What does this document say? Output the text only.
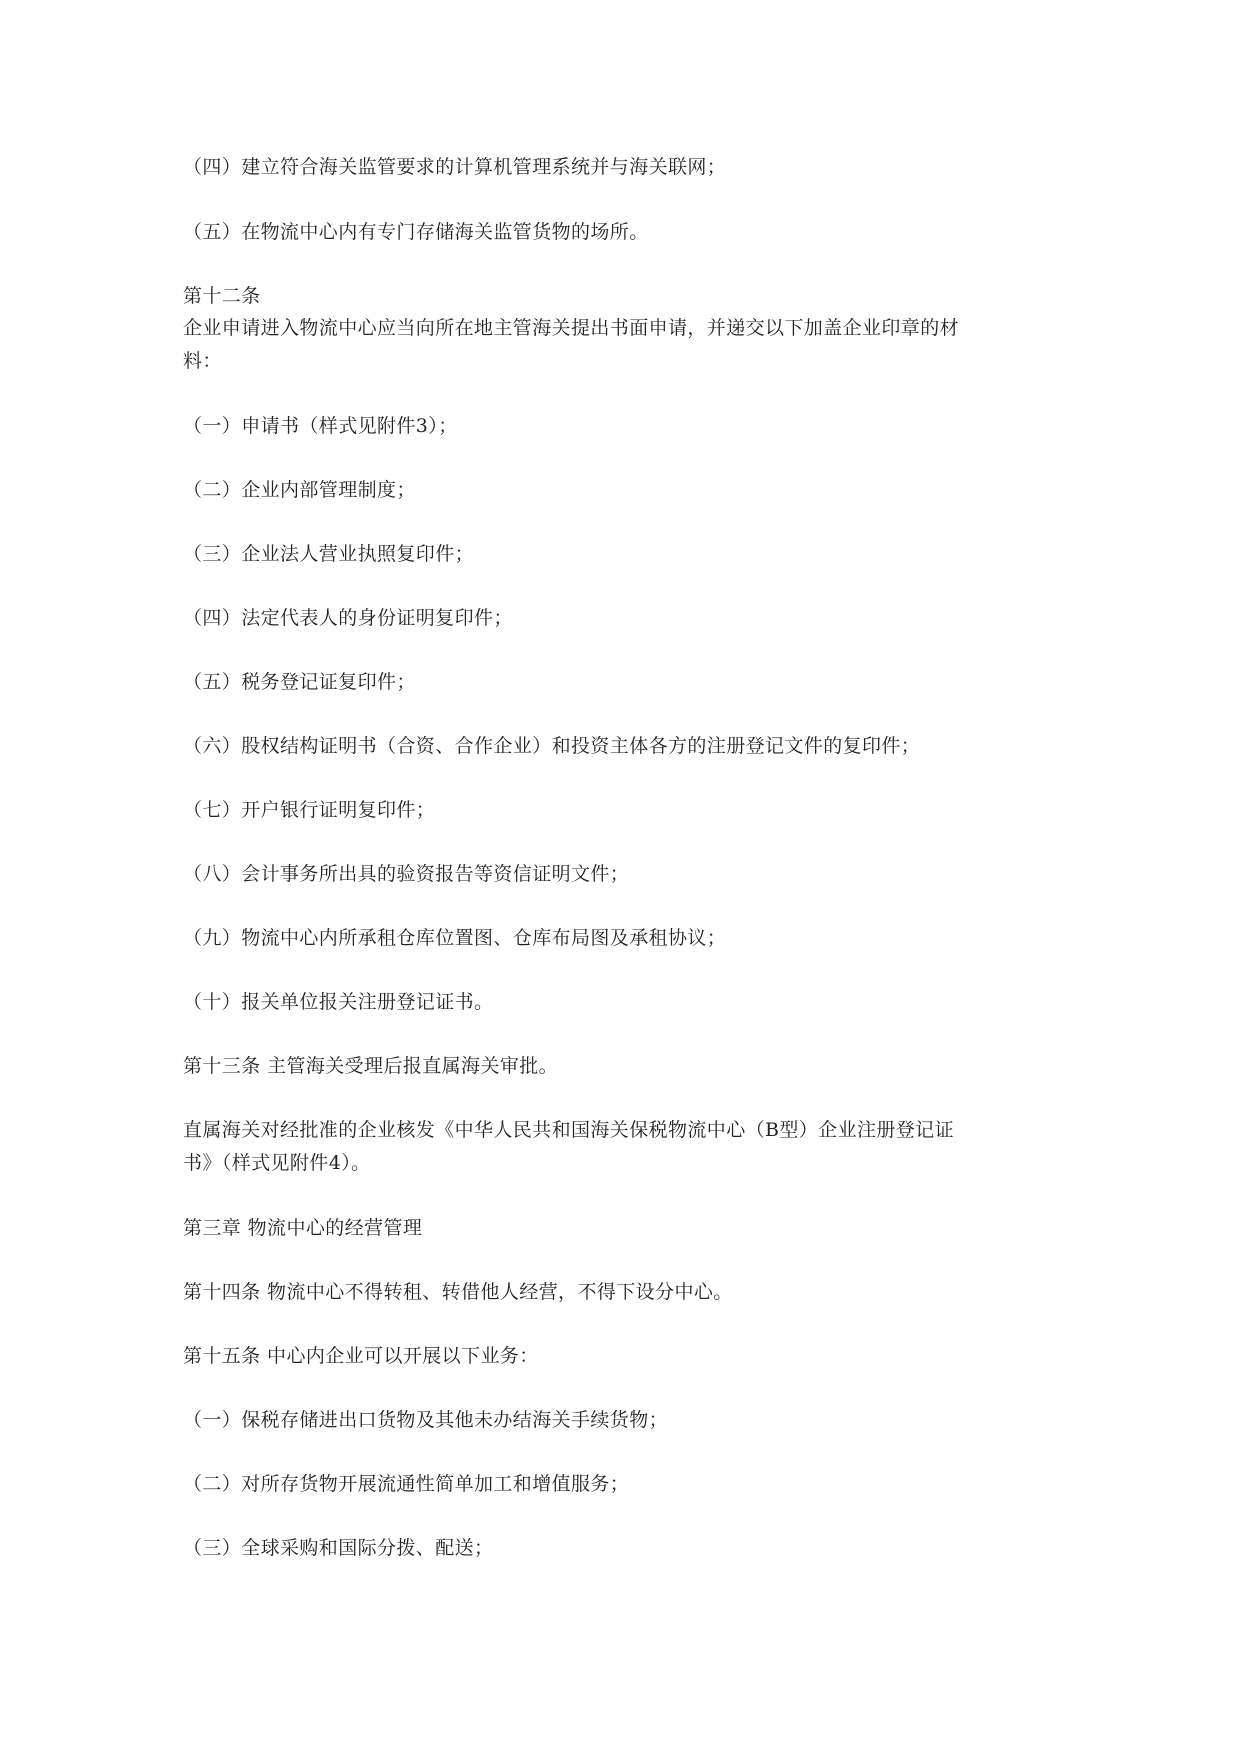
（四）建立符合海关监管要求的计算机管理系统并与海关联网；
（五）在物流中心内有专门存储海关监管货物的场所。
第十二条
企业申请进入物流中心应当向所在地主管海关提出书面申请，并递交以下加盖企业印章的材
料：
（一）申请书（样式见附件3）；
（二）企业内部管理制度；
（三）企业法人营业执照复印件；
（四）法定代表人的身份证明复印件；
（五）税务登记证复印件；
（六）股权结构证明书（合资、合作企业）和投资主体各方的注册登记文件的复印件；
（七）开户银行证明复印件；
（八）会计事务所出具的验资报告等资信证明文件；
（九）物流中心内所承租仓库位置图、仓库布局图及承租协议；
（十）报关单位报关注册登记证书。
第十三条 主管海关受理后报直属海关审批。
直属海关对经批准的企业核发《中华人民共和国海关保税物流中心（B型）企业注册登记证
书》（样式见附件4）。
第三章 物流中心的经营管理
第十四条 物流中心不得转租、转借他人经营，不得下设分中心。
第十五条 中心内企业可以开展以下业务：
（一）保税存储进出口货物及其他未办结海关手续货物；
（二）对所存货物开展流通性简单加工和增值服务；
（三）全球采购和国际分拨、配送；
